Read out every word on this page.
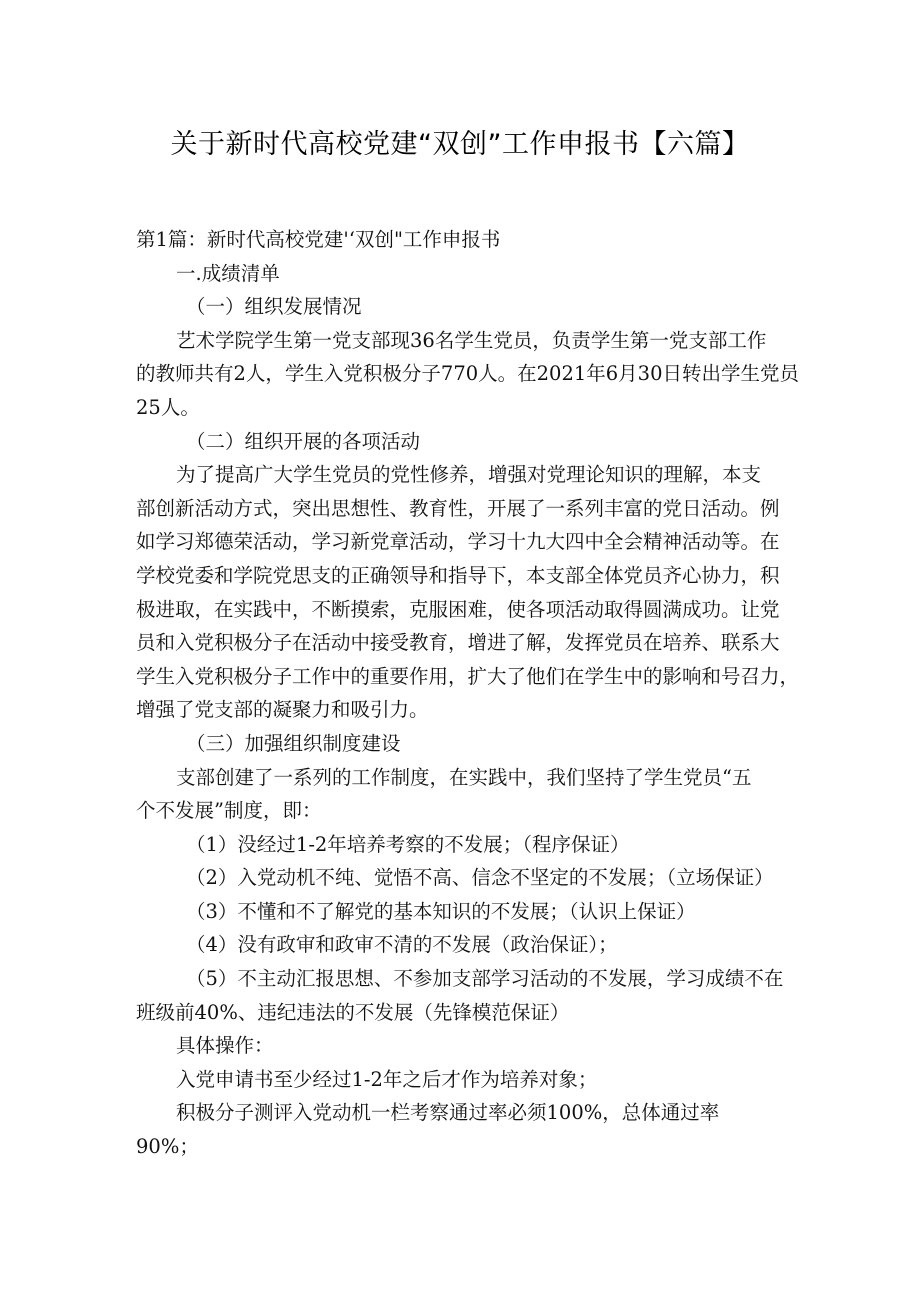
关于新时代高校党建“双创”工作申报书【六篇】
第1篇：新时代高校党建'‘双创"工作申报书
一.成绩清单
（一）组织发展情况
艺术学院学生第一党支部现36名学生党员，负责学生第一党支部工作
的教师共有2人，学生入党积极分子770人。在2021年6月30日转出学生党员
25人。
（二）组织开展的各项活动
为了提高广大学生党员的党性修养，增强对党理论知识的理解，本支
部创新活动方式，突出思想性、教育性，开展了一系列丰富的党日活动。例
如学习郑德荣活动，学习新党章活动，学习十九大四中全会精神活动等。在
学校党委和学院党思支的正确领导和指导下，本支部全体党员齐心协力，积
极进取，在实践中，不断摸索，克服困难，使各项活动取得圆满成功。让党
员和入党积极分子在活动中接受教育，增进了解，发挥党员在培养、联系大
学生入党积极分子工作中的重要作用，扩大了他们在学生中的影响和号召力，
增强了党支部的凝聚力和吸引力。
（三）加强组织制度建设
支部创建了一系列的工作制度，在实践中，我们坚持了学生党员“五
个不发展”制度，即：
（1）没经过1-2年培养考察的不发展；（程序保证）
（2）入党动机不纯、觉悟不高、信念不坚定的不发展；（立场保证）
（3）不懂和不了解党的基本知识的不发展；（认识上保证）
（4）没有政审和政审不清的不发展（政治保证）；
（5）不主动汇报思想、不参加支部学习活动的不发展，学习成绩不在
班级前40%、违纪违法的不发展（先锋模范保证）
具体操作：
入党申请书至少经过1-2年之后才作为培养对象；
积极分子测评入党动机一栏考察通过率必须100%，总体通过率
90%；
